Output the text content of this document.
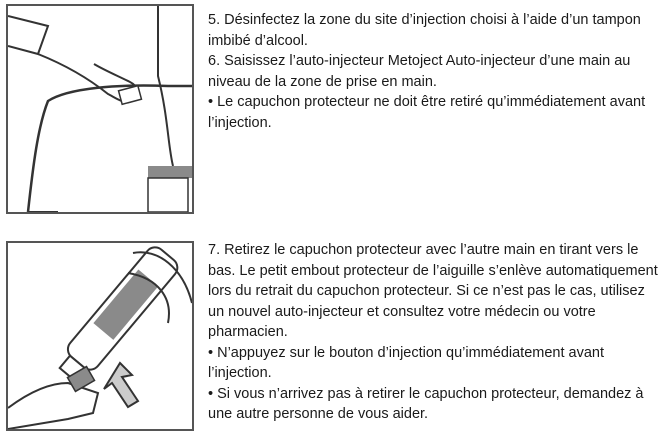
5. Désinfectez la zone du site d’injection choisi à l’aide d’un tampon imbibé d’alcool.

6. Saisissez l’auto-injecteur Metoject Auto-injecteur d’une main au niveau de la zone de prise en main.

• Le capuchon protecteur ne doit être retiré qu’immédiatement avant l’injection.

7. Retirez le capuchon protecteur avec l’autre main en tirant vers le bas. Le petit embout protecteur de l’aiguille s’enlève automatiquement lors du retrait du capuchon protecteur. Si ce n’est pas le cas, utilisez un nouvel auto-injecteur et consultez votre médecin ou votre pharmacien.

• N’appuyez sur le bouton d’injection qu’immédiatement avant l’injection.

• Si vous n’arrivez pas à retirer le capuchon protecteur, demandez à une autre personne de vous aider.
